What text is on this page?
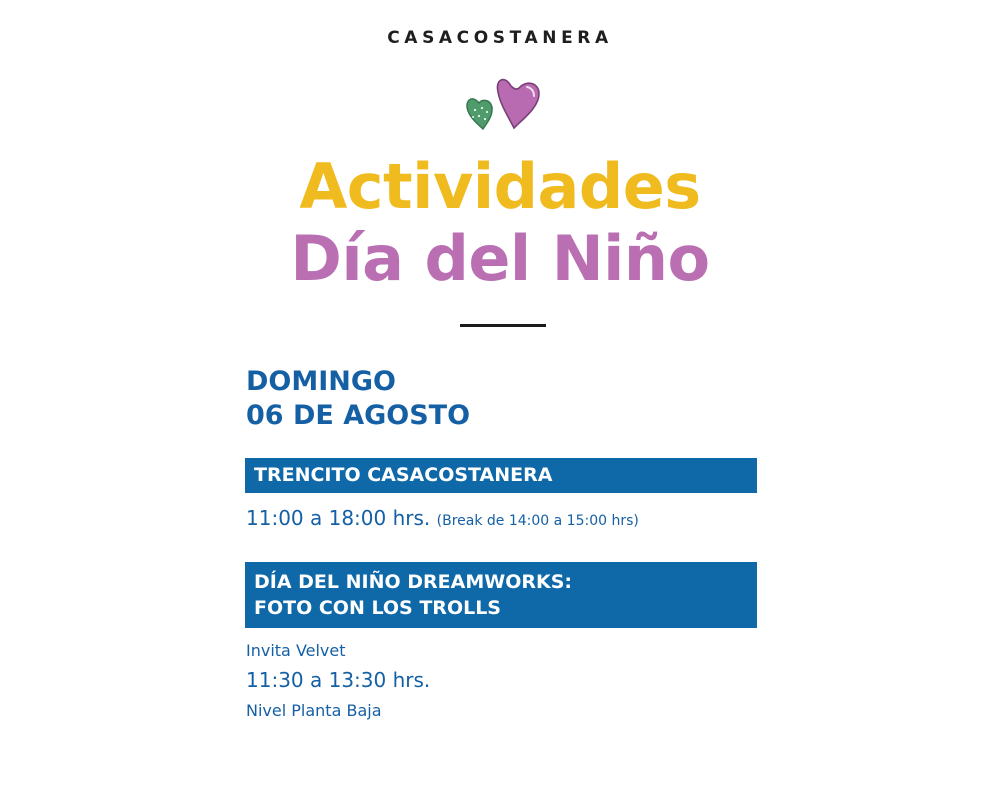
CASACOSTANERA
Actividades
Día del Niño
DOMINGO
06 DE AGOSTO
TRENCITO CASACOSTANERA
11:00 a 18:00 hrs. (Break de 14:00 a 15:00 hrs)
DÍA DEL NIÑO DREAMWORKS:
FOTO CON LOS TROLLS
Invita Velvet
11:30 a 13:30 hrs.
Nivel Planta Baja
